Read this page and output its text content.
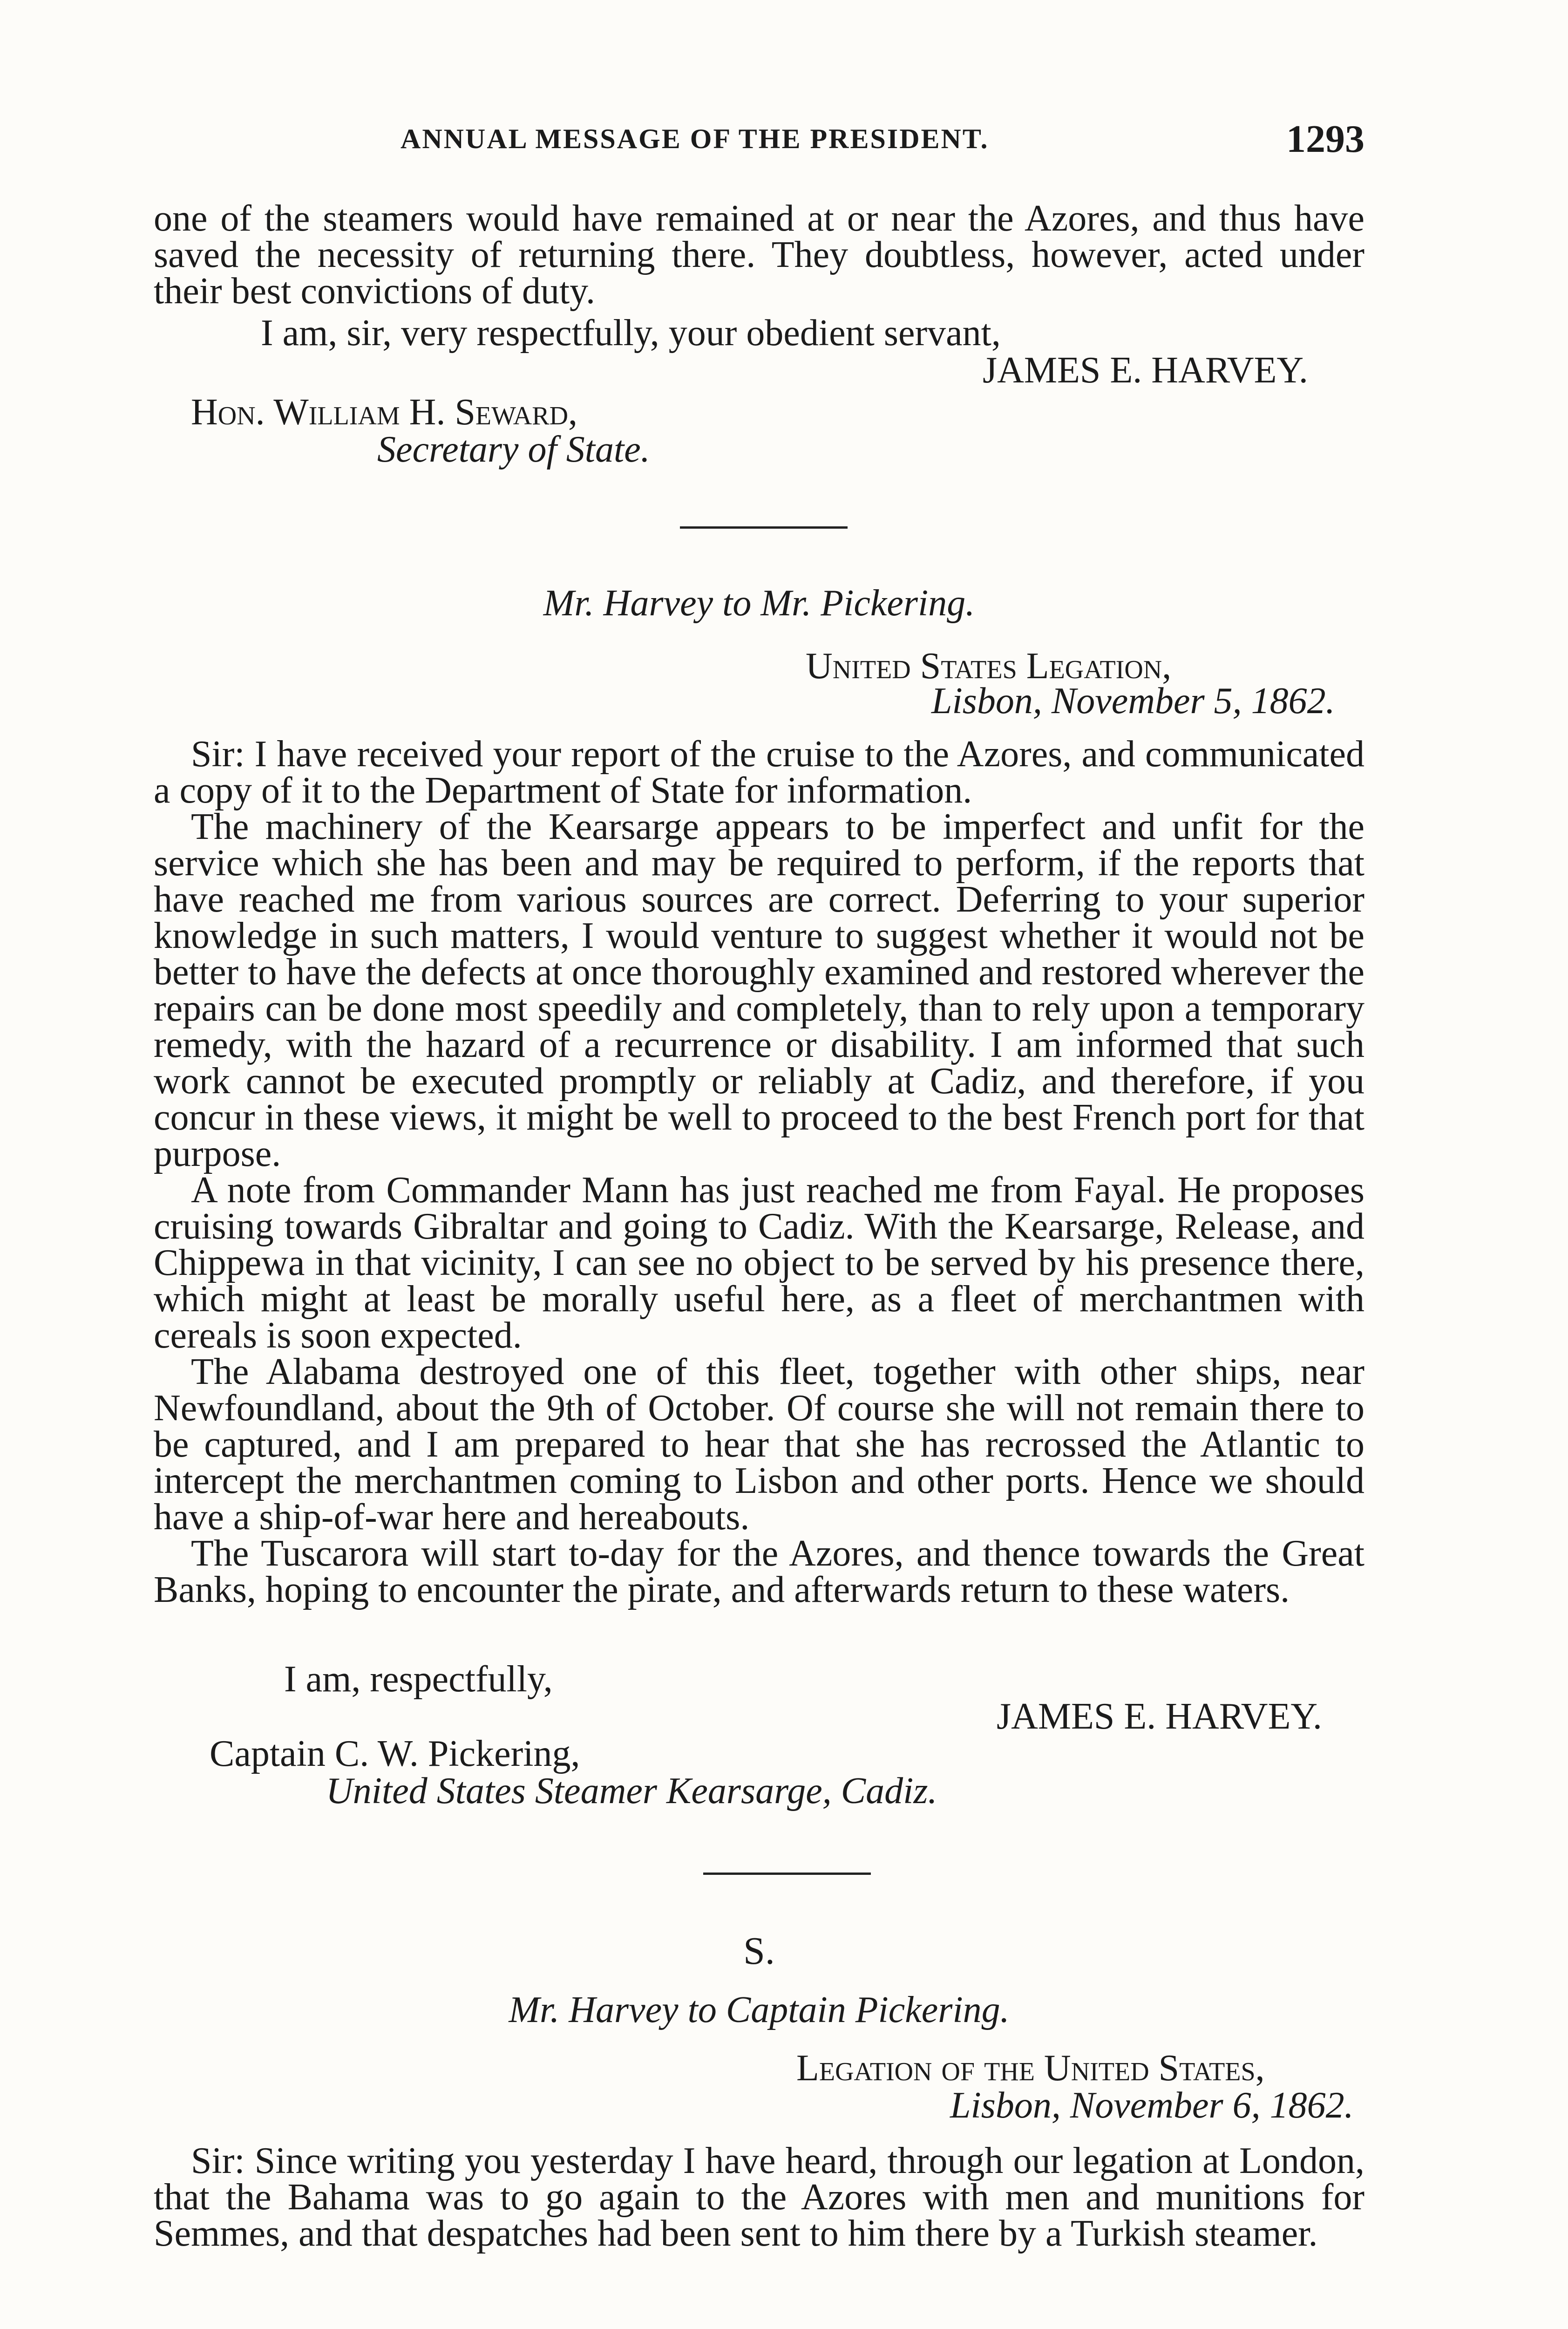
ANNUAL MESSAGE OF THE PRESIDENT.	1293

one of the steamers would have remained at or near the Azores, and thus have saved the necessity of returning there. They doubtless, however, acted under their best convictions of duty.

I am, sir, very respectfully, your obedient servant,
JAMES E. HARVEY.
Hon. William H. Seward,
Secretary of State.
Mr. Harvey to Mr. Pickering.
United States Legation,
Lisbon, November 5, 1862.

Sir: I have received your report of the cruise to the Azores, and communicated a copy of it to the Department of State for information.

The machinery of the Kearsarge appears to be imperfect and unfit for the service which she has been and may be required to perform, if the reports that have reached me from various sources are correct. Deferring to your superior knowledge in such matters, I would venture to suggest whether it would not be better to have the defects at once thoroughly examined and restored wherever the repairs can be done most speedily and completely, than to rely upon a temporary remedy, with the hazard of a recurrence or disability. I am informed that such work cannot be executed promptly or reliably at Cadiz, and therefore, if you concur in these views, it might be well to proceed to the best French port for that purpose.

A note from Commander Mann has just reached me from Fayal. He proposes cruising towards Gibraltar and going to Cadiz. With the Kearsarge, Release, and Chippewa in that vicinity, I can see no object to be served by his presence there, which might at least be morally useful here, as a fleet of merchantmen with cereals is soon expected.

The Alabama destroyed one of this fleet, together with other ships, near Newfoundland, about the 9th of October. Of course she will not remain there to be captured, and I am prepared to hear that she has recrossed the Atlantic to intercept the merchantmen coming to Lisbon and other ports. Hence we should have a ship-of-war here and hereabouts.

The Tuscarora will start to-day for the Azores, and thence towards the Great Banks, hoping to encounter the pirate, and afterwards return to these waters.

I am, respectfully,
JAMES E. HARVEY.
Captain C. W. Pickering,
United States Steamer Kearsarge, Cadiz.
S.
Mr. Harvey to Captain Pickering.
Legation of the United States,
Lisbon, November 6, 1862.

Sir: Since writing you yesterday I have heard, through our legation at London, that the Bahama was to go again to the Azores with men and munitions for Semmes, and that despatches had been sent to him there by a Turkish steamer.
